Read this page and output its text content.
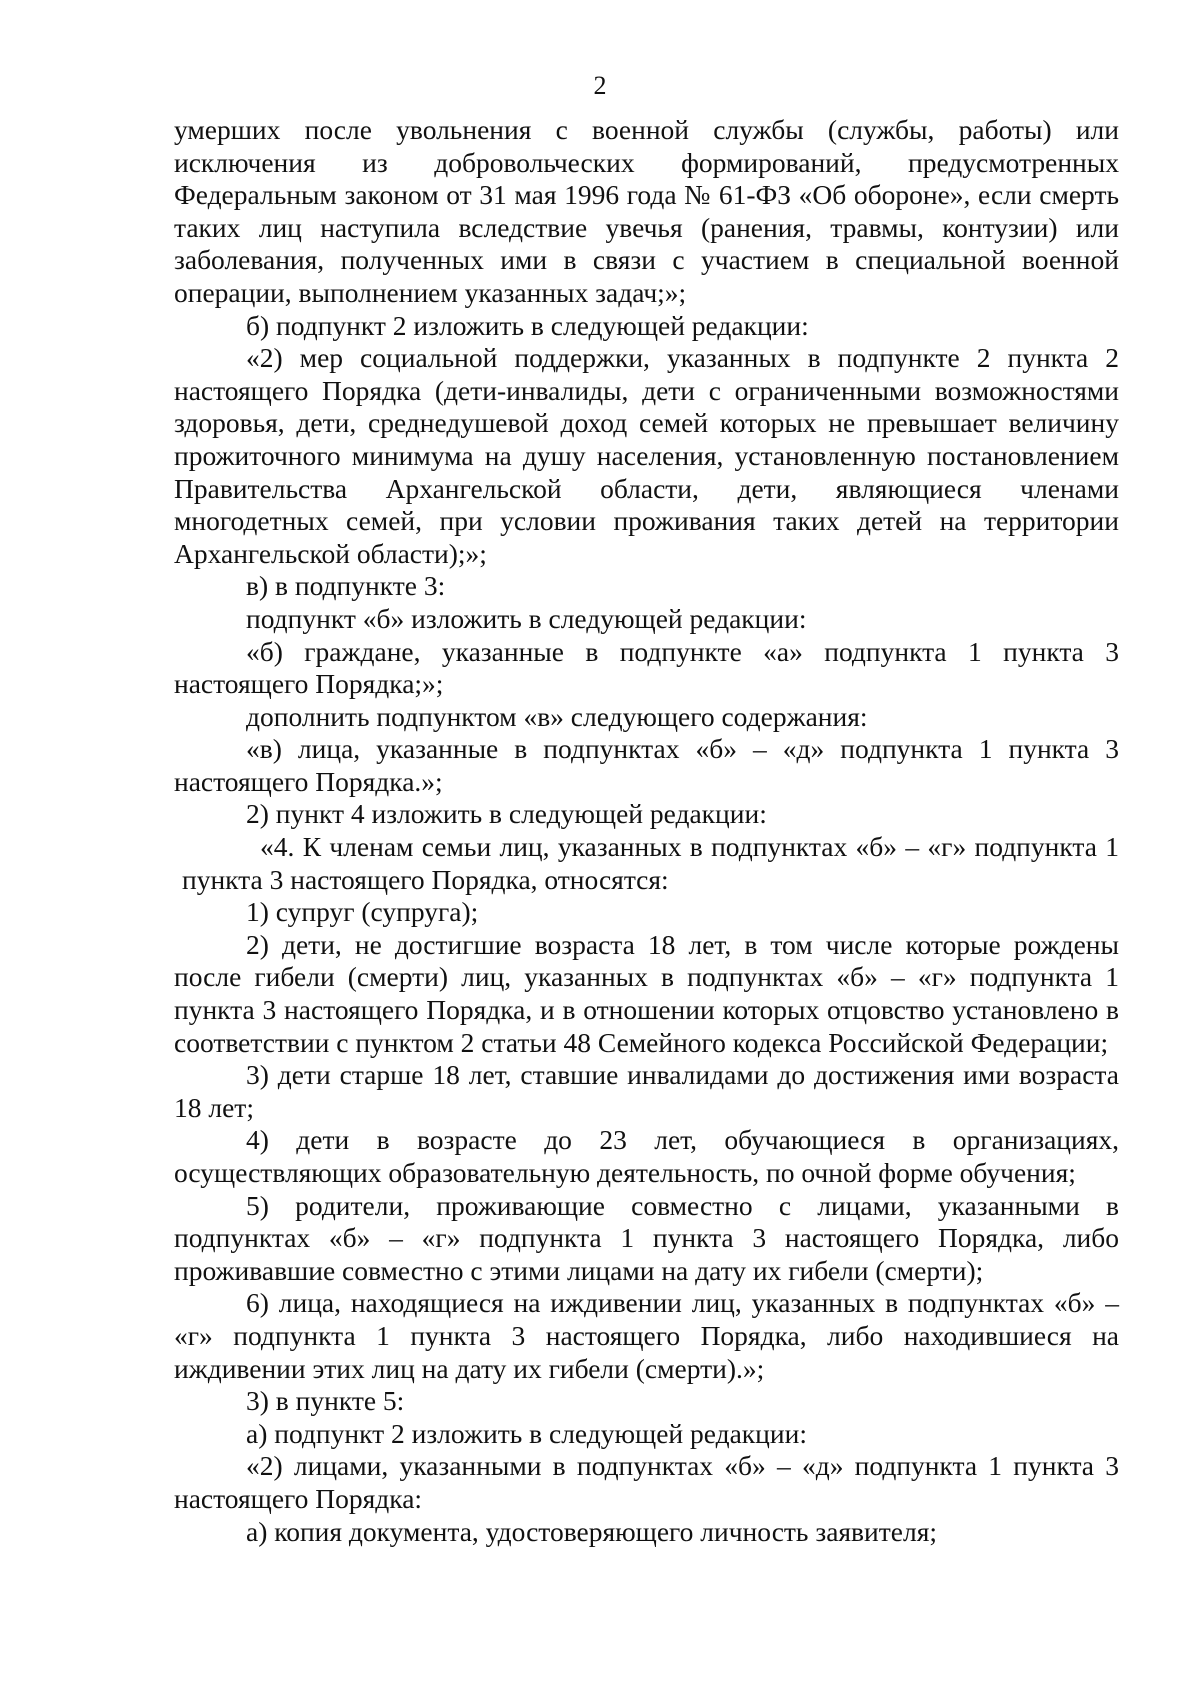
2

умерших после увольнения с военной службы (службы, работы) или исключения из добровольческих формирований, предусмотренных Федеральным законом от 31 мая 1996 года № 61-ФЗ «Об обороне», если смерть таких лиц наступила вследствие увечья (ранения, травмы, контузии) или заболевания, полученных ими в связи с участием в специальной военной операции, выполнением указанных задач;»;

б) подпункт 2 изложить в следующей редакции:

«2) мер социальной поддержки, указанных в подпункте 2 пункта 2 настоящего Порядка (дети-инвалиды, дети с ограниченными возможностями здоровья, дети, среднедушевой доход семей которых не превышает величину прожиточного минимума на душу населения, установленную постановлением Правительства Архангельской области, дети, являющиеся членами многодетных семей, при условии проживания таких детей на территории Архангельской области);»;

в) в подпункте 3:

подпункт «б» изложить в следующей редакции:

«б) граждане, указанные в подпункте «а» подпункта 1 пункта 3 настоящего Порядка;»;

дополнить подпунктом «в» следующего содержания:

«в) лица, указанные в подпунктах «б» – «д» подпункта 1 пункта 3 настоящего Порядка.»;

2) пункт 4 изложить в следующей редакции:

«4. К членам семьи лиц, указанных в подпунктах «б» – «г» подпункта 1 пункта 3 настоящего Порядка, относятся:

1) супруг (супруга);

2) дети, не достигшие возраста 18 лет, в том числе которые рождены после гибели (смерти) лиц, указанных в подпунктах «б» – «г» подпункта 1 пункта 3 настоящего Порядка, и в отношении которых отцовство установлено в соответствии с пунктом 2 статьи 48 Семейного кодекса Российской Федерации;

3) дети старше 18 лет, ставшие инвалидами до достижения ими возраста 18 лет;

4) дети в возрасте до 23 лет, обучающиеся в организациях, осуществляющих образовательную деятельность, по очной форме обучения;

5) родители, проживающие совместно с лицами, указанными в подпунктах «б» – «г» подпункта 1 пункта 3 настоящего Порядка, либо проживавшие совместно с этими лицами на дату их гибели (смерти);

6) лица, находящиеся на иждивении лиц, указанных в подпунктах «б» – «г» подпункта 1 пункта 3 настоящего Порядка, либо находившиеся на иждивении этих лиц на дату их гибели (смерти).»;

3) в пункте 5:

а) подпункт 2 изложить в следующей редакции:

«2) лицами, указанными в подпунктах «б» – «д» подпункта 1 пункта 3 настоящего Порядка:

а) копия документа, удостоверяющего личность заявителя;
